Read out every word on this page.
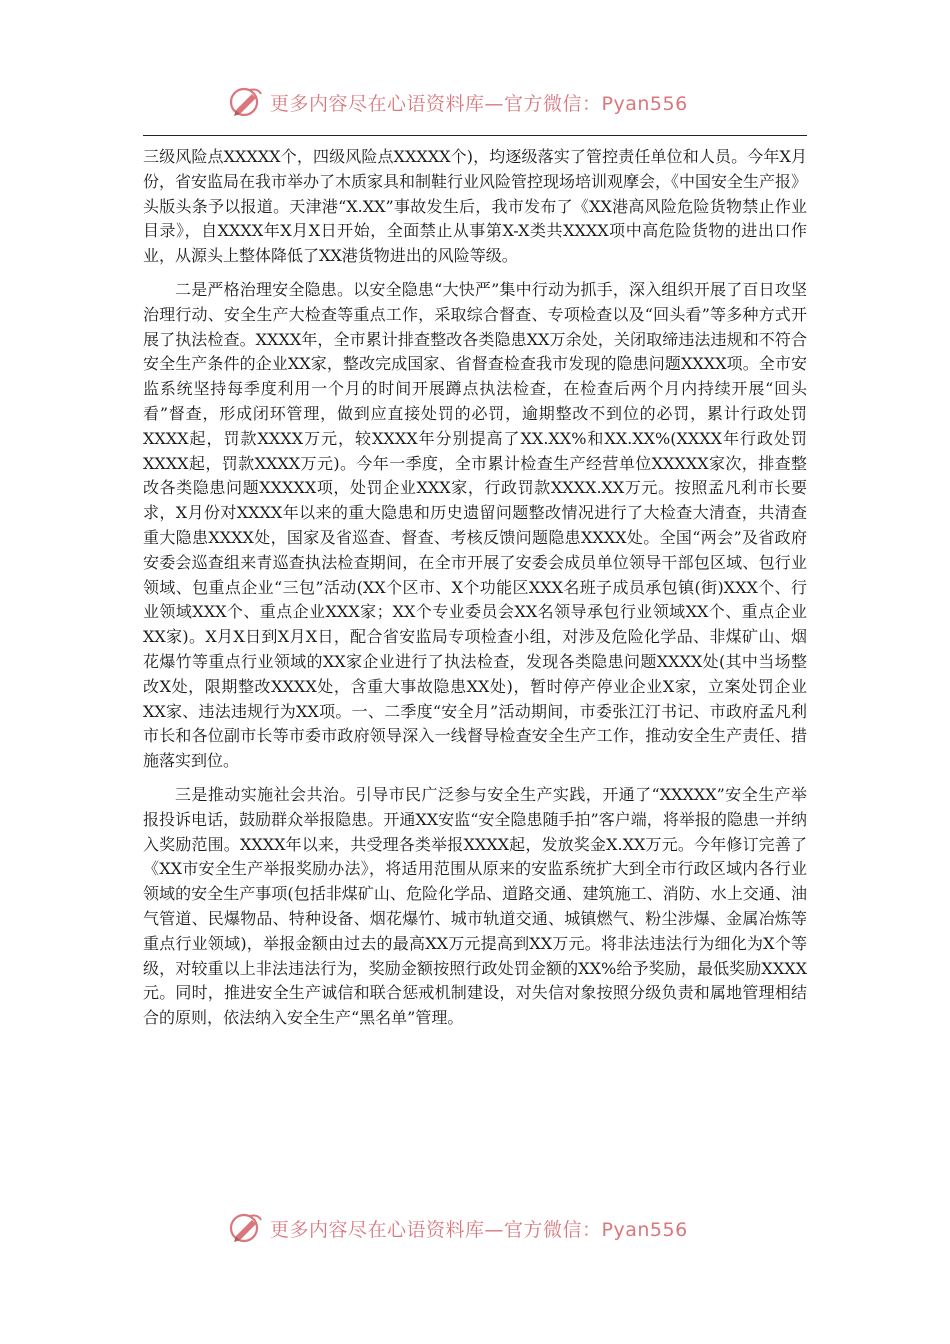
更多内容尽在心语资料库—官方微信：Pyan556

三级风险点XXXXX个，四级风险点XXXXX个)，均逐级落实了管控责任单位和人员。今年X月份，省安监局在我市举办了木质家具和制鞋行业风险管控现场培训观摩会，《中国安全生产报》头版头条予以报道。天津港“X.XX”事故发生后，我市发布了《XX港高风险危险货物禁止作业目录》，自XXXX年X月X日开始，全面禁止从事第X-X类共XXXX项中高危险货物的进出口作业，从源头上整体降低了XX港货物进出的风险等级。

二是严格治理安全隐患。以安全隐患“大快严”集中行动为抓手，深入组织开展了百日攻坚治理行动、安全生产大检查等重点工作，采取综合督查、专项检查以及“回头看”等多种方式开展了执法检查。XXXX年，全市累计排查整改各类隐患XX万余处，关闭取缔违法违规和不符合安全生产条件的企业XX家，整改完成国家、省督查检查我市发现的隐患问题XXXX项。全市安监系统坚持每季度利用一个月的时间开展蹲点执法检查，在检查后两个月内持续开展“回头看”督查，形成闭环管理，做到应直接处罚的必罚，逾期整改不到位的必罚，累计行政处罚XXXX起，罚款XXXX万元，较XXXX年分别提高了XX.XX%和XX.XX%(XXXX年行政处罚XXXX起，罚款XXXX万元)。今年一季度，全市累计检查生产经营单位XXXXX家次，排查整改各类隐患问题XXXXX项，处罚企业XXX家，行政罚款XXXX.XX万元。按照孟凡利市长要求，X月份对XXXX年以来的重大隐患和历史遗留问题整改情况进行了大检查大清查，共清查重大隐患XXXX处，国家及省巡查、督查、考核反馈问题隐患XXXX处。全国“两会”及省政府安委会巡查组来青巡查执法检查期间，在全市开展了安委会成员单位领导干部包区域、包行业领域、包重点企业“三包”活动(XX个区市、X个功能区XXX名班子成员承包镇(街)XXX个、行业领域XXX个、重点企业XXX家；XX个专业委员会XX名领导承包行业领域XX个、重点企业XX家)。X月X日到X月X日，配合省安监局专项检查小组，对涉及危险化学品、非煤矿山、烟花爆竹等重点行业领域的XX家企业进行了执法检查，发现各类隐患问题XXXX处(其中当场整改X处，限期整改XXXX处，含重大事故隐患XX处)，暂时停产停业企业X家，立案处罚企业XX家、违法违规行为XX项。一、二季度“安全月”活动期间，市委张江汀书记、市政府孟凡利市长和各位副市长等市委市政府领导深入一线督导检查安全生产工作，推动安全生产责任、措施落实到位。

三是推动实施社会共治。引导市民广泛参与安全生产实践，开通了“XXXXX”安全生产举报投诉电话，鼓励群众举报隐患。开通XX安监“安全隐患随手拍”客户端，将举报的隐患一并纳入奖励范围。XXXX年以来，共受理各类举报XXXX起，发放奖金X.XX万元。今年修订完善了《XX市安全生产举报奖励办法》，将适用范围从原来的安监系统扩大到全市行政区域内各行业领域的安全生产事项(包括非煤矿山、危险化学品、道路交通、建筑施工、消防、水上交通、油气管道、民爆物品、特种设备、烟花爆竹、城市轨道交通、城镇燃气、粉尘涉爆、金属冶炼等重点行业领域)，举报金额由过去的最高XX万元提高到XX万元。将非法违法行为细化为X个等级，对较重以上非法违法行为，奖励金额按照行政处罚金额的XX%给予奖励，最低奖励XXXX元。同时，推进安全生产诚信和联合惩戒机制建设，对失信对象按照分级负责和属地管理相结合的原则，依法纳入安全生产“黑名单”管理。

更多内容尽在心语资料库—官方微信：Pyan556
